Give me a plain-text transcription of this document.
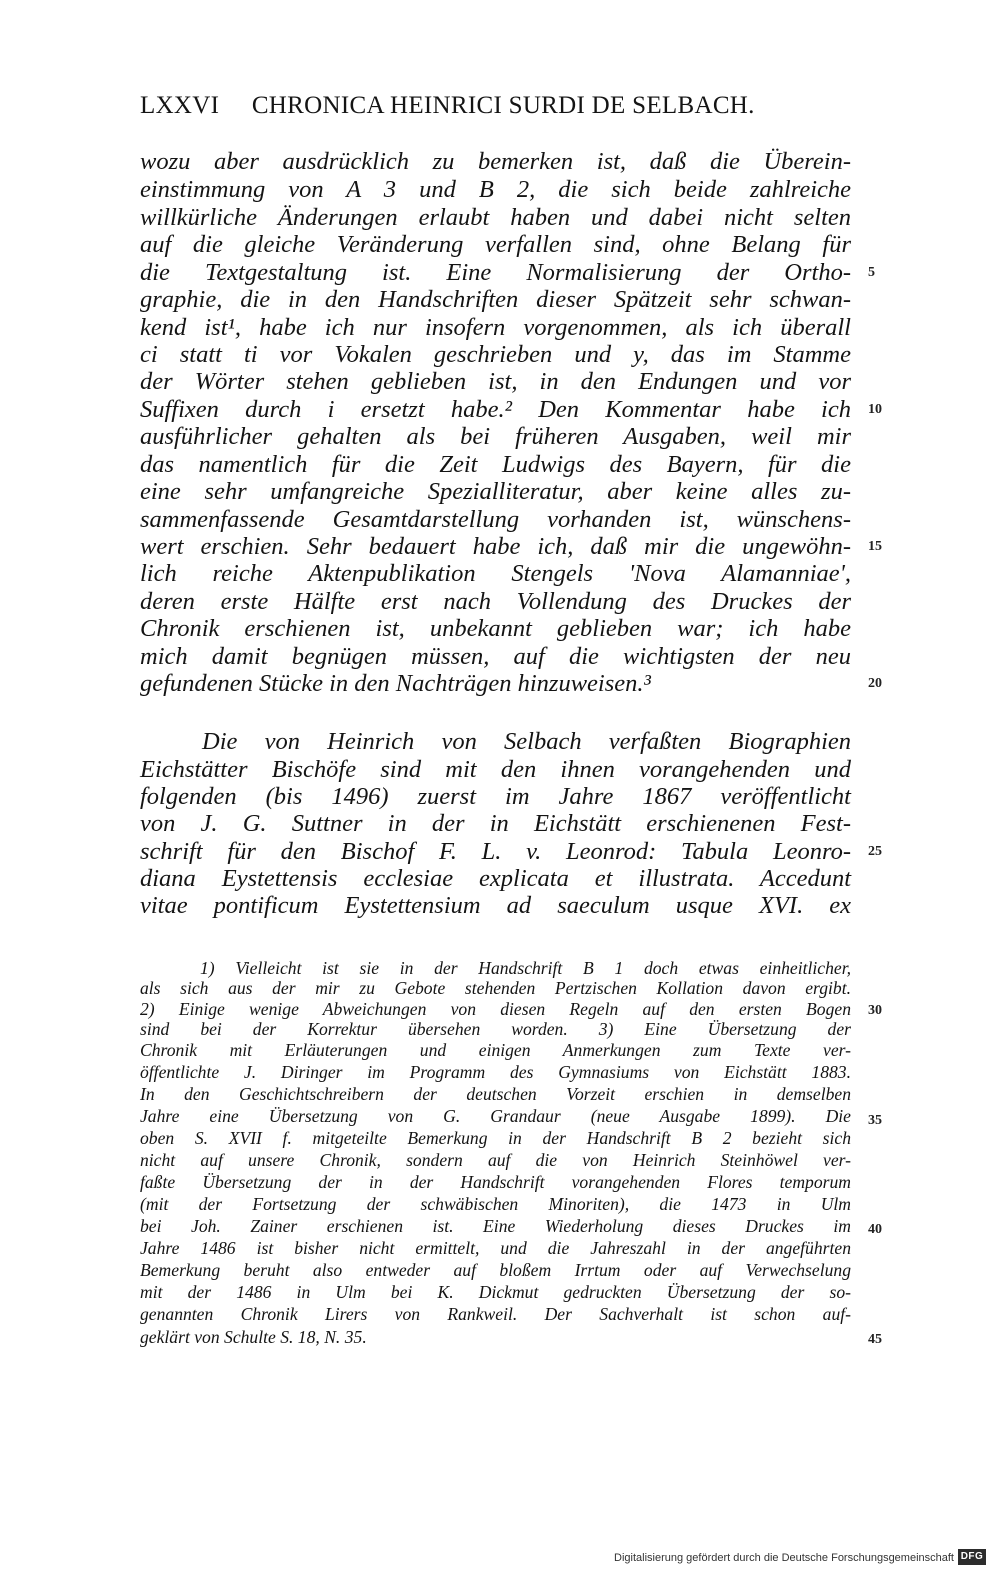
LXXVI CHRONICA HEINRICI SURDI DE SELBACH.
wozu aber ausdrücklich zu bemerken ist, daß die Überein-
einstimmung von A 3 und B 2, die sich beide zahlreiche
willkürliche Änderungen erlaubt haben und dabei nicht selten
auf die gleiche Veränderung verfallen sind, ohne Belang für
die Textgestaltung ist. Eine Normalisierung der Ortho-
graphie, die in den Handschriften dieser Spätzeit sehr schwan-
kend ist¹, habe ich nur insofern vorgenommen, als ich überall
ci statt ti vor Vokalen geschrieben und y, das im Stamme
der Wörter stehen geblieben ist, in den Endungen und vor
Suffixen durch i ersetzt habe.² Den Kommentar habe ich
ausführlicher gehalten als bei früheren Ausgaben, weil mir
das namentlich für die Zeit Ludwigs des Bayern, für die
eine sehr umfangreiche Spezialliteratur, aber keine alles zu-
sammenfassende Gesamtdarstellung vorhanden ist, wünschens-
wert erschien. Sehr bedauert habe ich, daß mir die ungewöhn-
lich reiche Aktenpublikation Stengels 'Nova Alamanniae',
deren erste Hälfte erst nach Vollendung des Druckes der
Chronik erschienen ist, unbekannt geblieben war; ich habe
mich damit begnügen müssen, auf die wichtigsten der neu
gefundenen Stücke in den Nachträgen hinzuweisen.³
Die von Heinrich von Selbach verfaßten Biographien
Eichstätter Bischöfe sind mit den ihnen vorangehenden und
folgenden (bis 1496) zuerst im Jahre 1867 veröffentlicht
von J. G. Suttner in der in Eichstätt erschienenen Fest-
schrift für den Bischof F. L. v. Leonrod: Tabula Leonro-
diana Eystettensis ecclesiae explicata et illustrata. Accedunt
vitae pontificum Eystettensium ad saeculum usque XVI. ex
1) Vielleicht ist sie in der Handschrift B 1 doch etwas einheitlicher,
als sich aus der mir zu Gebote stehenden Pertzischen Kollation davon ergibt.
2) Einige wenige Abweichungen von diesen Regeln auf den ersten Bogen
sind bei der Korrektur übersehen worden. 3) Eine Übersetzung der
Chronik mit Erläuterungen und einigen Anmerkungen zum Texte ver-
öffentlichte J. Diringer im Programm des Gymnasiums von Eichstätt 1883.
In den Geschichtschreibern der deutschen Vorzeit erschien in demselben
Jahre eine Übersetzung von G. Grandaur (neue Ausgabe 1899). Die
oben S. XVII f. mitgeteilte Bemerkung in der Handschrift B 2 bezieht sich
nicht auf unsere Chronik, sondern auf die von Heinrich Steinhöwel ver-
faßte Übersetzung der in der Handschrift vorangehenden Flores temporum
(mit der Fortsetzung der schwäbischen Minoriten), die 1473 in Ulm
bei Joh. Zainer erschienen ist. Eine Wiederholung dieses Druckes im
Jahre 1486 ist bisher nicht ermittelt, und die Jahreszahl in der angeführten
Bemerkung beruht also entweder auf bloßem Irrtum oder auf Verwechselung
mit der 1486 in Ulm bei K. Dickmut gedruckten Übersetzung der so-
genannten Chronik Lirers von Rankweil. Der Sachverhalt ist schon auf-
geklärt von Schulte S. 18, N. 35.
5
10
15
20
25
30
35
40
45
Digitalisierung gefördert durch die Deutsche Forschungsgemeinschaft DFG
